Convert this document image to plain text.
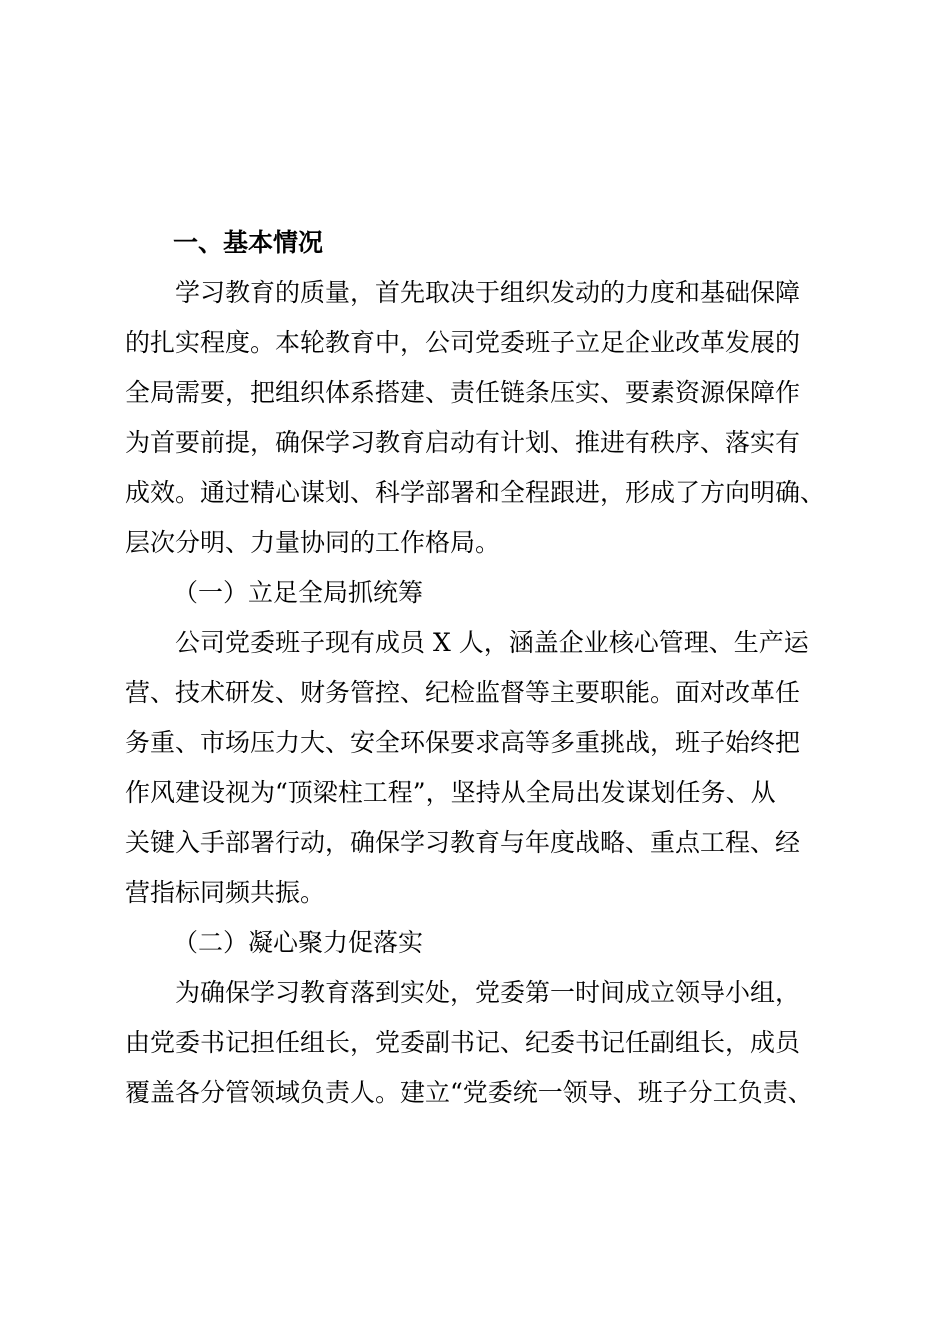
一、基本情况
学习教育的质量，首先取决于组织发动的力度和基础保障
的扎实程度。本轮教育中，公司党委班子立足企业改革发展的
全局需要，把组织体系搭建、责任链条压实、要素资源保障作
为首要前提，确保学习教育启动有计划、推进有秩序、落实有
成效。通过精心谋划、科学部署和全程跟进，形成了方向明确、
层次分明、力量协同的工作格局。
（一）立足全局抓统筹
公司党委班子现有成员 X 人，涵盖企业核心管理、生产运
营、技术研发、财务管控、纪检监督等主要职能。面对改革任
务重、市场压力大、安全环保要求高等多重挑战，班子始终把
作风建设视为“顶梁柱工程”，坚持从全局出发谋划任务、从
关键入手部署行动，确保学习教育与年度战略、重点工程、经
营指标同频共振。
（二）凝心聚力促落实
为确保学习教育落到实处，党委第一时间成立领导小组，
由党委书记担任组长，党委副书记、纪委书记任副组长，成员
覆盖各分管领域负责人。建立“党委统一领导、班子分工负责、
